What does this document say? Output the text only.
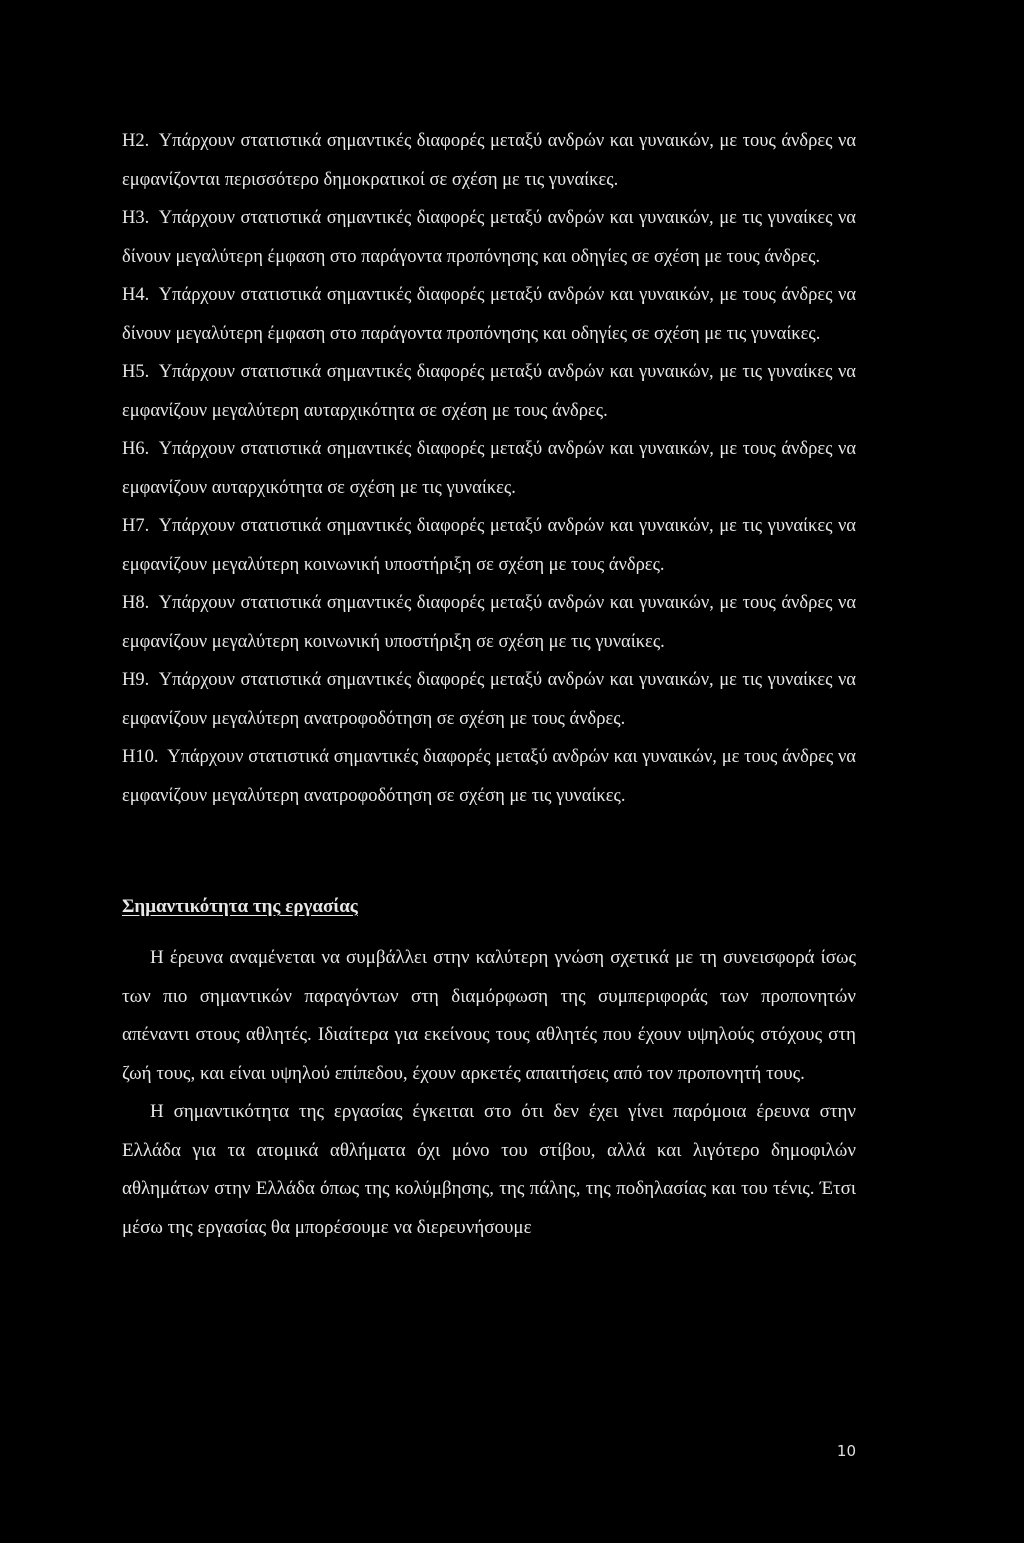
H2. Υπάρχουν στατιστικά σημαντικές διαφορές μεταξύ ανδρών και γυναικών, με τους άνδρες να εμφανίζονται περισσότερο δημοκρατικοί σε σχέση με τις γυναίκες.

H3. Υπάρχουν στατιστικά σημαντικές διαφορές μεταξύ ανδρών και γυναικών, με τις γυναίκες να δίνουν μεγαλύτερη έμφαση στο παράγοντα προπόνησης και οδηγίες σε σχέση με τους άνδρες.

H4. Υπάρχουν στατιστικά σημαντικές διαφορές μεταξύ ανδρών και γυναικών, με τους άνδρες να δίνουν μεγαλύτερη έμφαση στο παράγοντα προπόνησης και οδηγίες σε σχέση με τις γυναίκες.

H5. Υπάρχουν στατιστικά σημαντικές διαφορές μεταξύ ανδρών και γυναικών, με τις γυναίκες να εμφανίζουν μεγαλύτερη αυταρχικότητα σε σχέση με τους άνδρες.

H6. Υπάρχουν στατιστικά σημαντικές διαφορές μεταξύ ανδρών και γυναικών, με τους άνδρες να εμφανίζουν αυταρχικότητα σε σχέση με τις γυναίκες.

H7. Υπάρχουν στατιστικά σημαντικές διαφορές μεταξύ ανδρών και γυναικών, με τις γυναίκες να εμφανίζουν μεγαλύτερη κοινωνική υποστήριξη σε σχέση με τους άνδρες.

H8. Υπάρχουν στατιστικά σημαντικές διαφορές μεταξύ ανδρών και γυναικών, με τους άνδρες να εμφανίζουν μεγαλύτερη κοινωνική υποστήριξη σε σχέση με τις γυναίκες.

H9. Υπάρχουν στατιστικά σημαντικές διαφορές μεταξύ ανδρών και γυναικών, με τις γυναίκες να εμφανίζουν μεγαλύτερη ανατροφοδότηση σε σχέση με τους άνδρες.

H10. Υπάρχουν στατιστικά σημαντικές διαφορές μεταξύ ανδρών και γυναικών, με τους άνδρες να εμφανίζουν μεγαλύτερη ανατροφοδότηση σε σχέση με τις γυναίκες.

Σημαντικότητα της εργασίας

Η έρευνα αναμένεται να συμβάλλει στην καλύτερη γνώση σχετικά με τη συνεισφορά ίσως των πιο σημαντικών παραγόντων στη διαμόρφωση της συμπεριφοράς των προπονητών απέναντι στους αθλητές. Ιδιαίτερα για εκείνους τους αθλητές που έχουν υψηλούς στόχους στη ζωή τους, και είναι υψηλού επίπεδου, έχουν αρκετές απαιτήσεις από τον προπονητή τους.

Η σημαντικότητα της εργασίας έγκειται στο ότι δεν έχει γίνει παρόμοια έρευνα στην Ελλάδα για τα ατομικά αθλήματα όχι μόνο του στίβου, αλλά και λιγότερο δημοφιλών αθλημάτων στην Ελλάδα όπως της κολύμβησης, της πάλης, της ποδηλασίας και του τένις. Έτσι μέσω της εργασίας θα μπορέσουμε να διερευνήσουμε

10
